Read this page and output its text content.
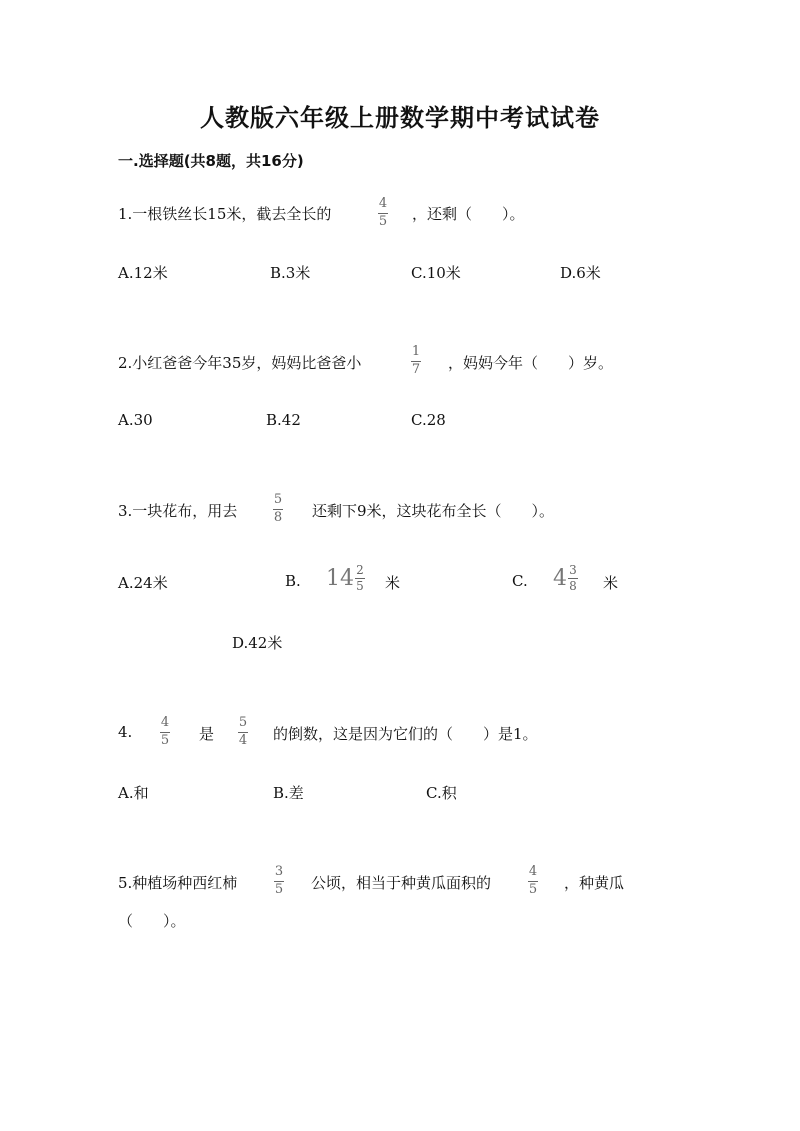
人教版六年级上册数学期中考试试卷
一.选择题(共8题，共16分)
1.一根铁丝长15米，截去全长的
4
5 ，还剩（　　）。
A.12米	B.3米	C.10米	D.6米
2.小红爸爸今年35岁，妈妈比爸爸小
1
7 ，妈妈今年（　　）岁。
A.30	B.42	C.28
3.一块花布，用去
5
8 还剩下9米，这块花布全长（　　）。
A.24米	B. $14 \frac{2}{5}$ 米	C. $4 \frac{3}{8}$ 米
D.42米
4.
4
5 是
5
4 的倒数，这是因为它们的（　　）是1。
A.和	B.差	C.积
5.种植场种西红柿
3
5 公顷，相当于种黄瓜面积的
4
5 ，种黄瓜
（　　）。
